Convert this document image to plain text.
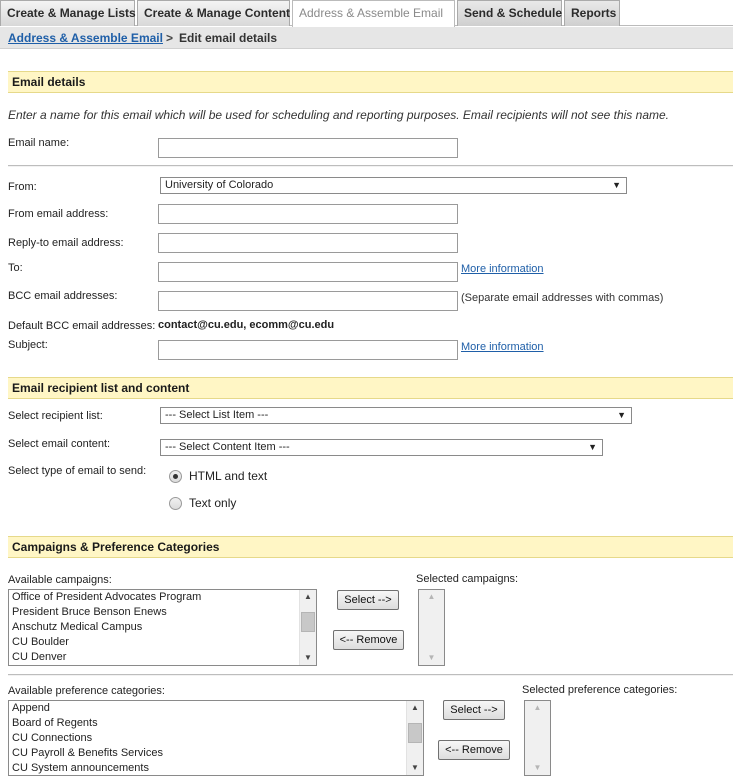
Create & Manage Lists Create & Manage Content Address & Assemble Email	Send & Schedule Reports
Address & Assemble Email > Edit email details
Email details
Enter a name for this email which will be used for scheduling and reporting purposes. Email recipients will not see this name.
Email name:
From:	University of Colorado	▼
From email address:
Reply-to email address:
To:	More information
BCC email addresses:	(Separate email addresses with commas)
Default BCC email addresses: contact@cu.edu, ecomm@cu.edu
Subject:	More information
Email recipient list and content
Select recipient list:	--- Select List Item ---	▼
Select email content:	--- Select Content Item ---	▼
Select type of email to send:	HTML and text
Text only
Campaigns & Preference Categories
Available campaigns:
Office of President Advocates Program
President Bruce Benson Enews
Anschutz Medical Campus
CU Boulder
CU Denver
▲
▼
Select -->
<-- Remove
Selected campaigns:
▲
▼
Available preference categories:
Append
Board of Regents
CU Connections
CU Payroll & Benefits Services
CU System announcements
▲
▼
Select -->
<-- Remove
Selected preference categories:
▲
▼
